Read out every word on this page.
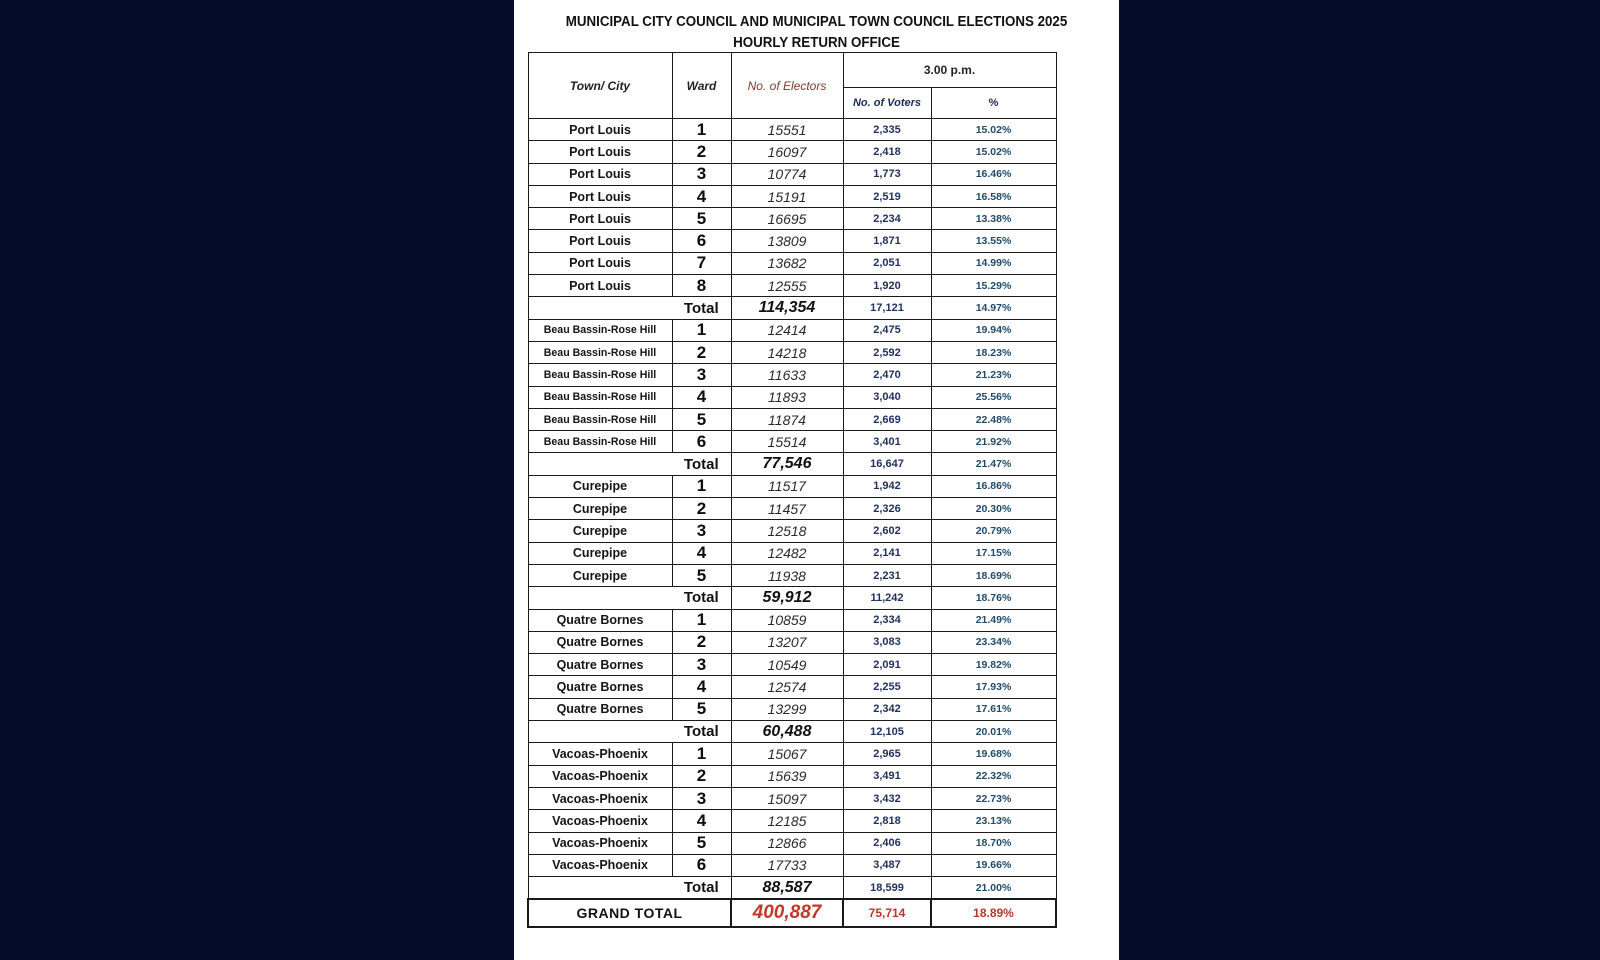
MUNICIPAL CITY COUNCIL AND MUNICIPAL TOWN COUNCIL ELECTIONS 2025
HOURLY RETURN OFFICE
Town/ City	Ward	No. of Electors	3.00 p.m.	
			No. of Voters	%
Port Louis	1	15551	2,335	15.02%
Port Louis	2	16097	2,418	15.02%
Port Louis	3	10774	1,773	16.46%
Port Louis	4	15191	2,519	16.58%
Port Louis	5	16695	2,234	13.38%
Port Louis	6	13809	1,871	13.55%
Port Louis	7	13682	2,051	14.99%
Port Louis	8	12555	1,920	15.29%
	Total	114,354	17,121	14.97%
Beau Bassin-Rose Hill	1	12414	2,475	19.94%
Beau Bassin-Rose Hill	2	14218	2,592	18.23%
Beau Bassin-Rose Hill	3	11633	2,470	21.23%
Beau Bassin-Rose Hill	4	11893	3,040	25.56%
Beau Bassin-Rose Hill	5	11874	2,669	22.48%
Beau Bassin-Rose Hill	6	15514	3,401	21.92%
	Total	77,546	16,647	21.47%
Curepipe	1	11517	1,942	16.86%
Curepipe	2	11457	2,326	20.30%
Curepipe	3	12518	2,602	20.79%
Curepipe	4	12482	2,141	17.15%
Curepipe	5	11938	2,231	18.69%
	Total	59,912	11,242	18.76%
Quatre Bornes	1	10859	2,334	21.49%
Quatre Bornes	2	13207	3,083	23.34%
Quatre Bornes	3	10549	2,091	19.82%
Quatre Bornes	4	12574	2,255	17.93%
Quatre Bornes	5	13299	2,342	17.61%
	Total	60,488	12,105	20.01%
Vacoas-Phoenix	1	15067	2,965	19.68%
Vacoas-Phoenix	2	15639	3,491	22.32%
Vacoas-Phoenix	3	15097	3,432	22.73%
Vacoas-Phoenix	4	12185	2,818	23.13%
Vacoas-Phoenix	5	12866	2,406	18.70%
Vacoas-Phoenix	6	17733	3,487	19.66%
	Total	88,587	18,599	21.00%
GRAND TOTAL		400,887	75,714	18.89%
